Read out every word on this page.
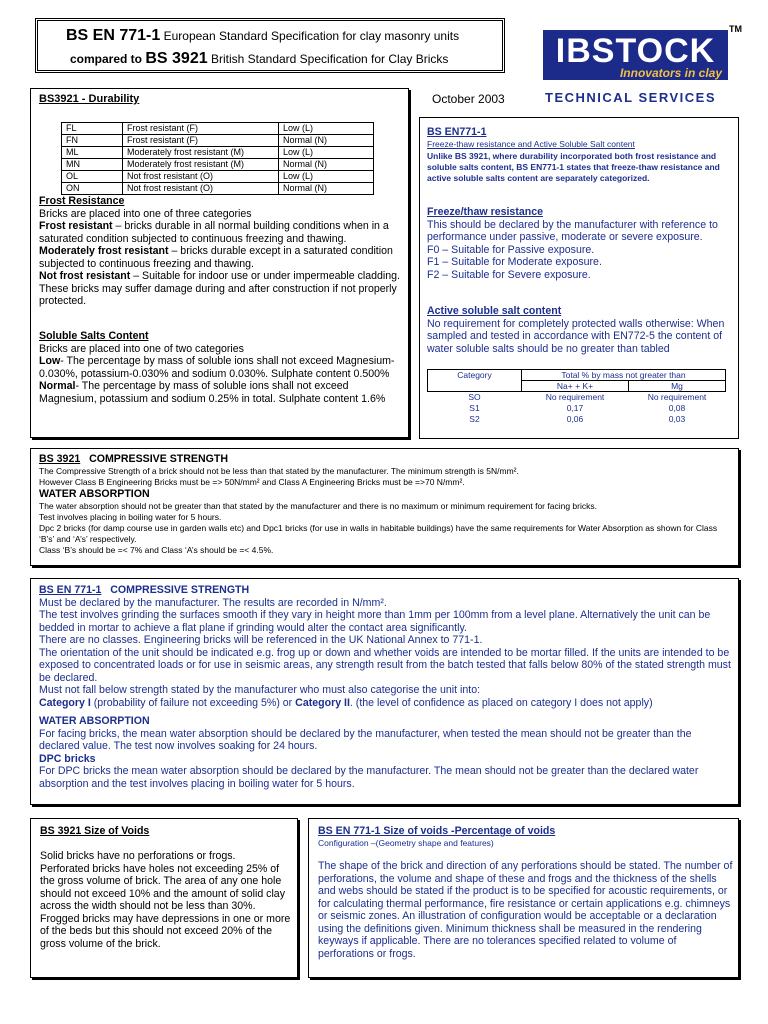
BS EN 771-1 European Standard Specification for clay masonry units
compared to BS 3921 British Standard Specification for Clay Bricks	IBSTOCK
Innovators in clay
TM
TECHNICAL SERVICES
October 2003
BS3921 - Durability
FL	Frost resistant (F)	Low (L)
FN	Frost resistant (F)	Normal (N)
ML	Moderately frost resistant (M)	Low (L)
MN	Moderately frost resistant (M)	Normal (N)
OL	Not frost resistant (O)	Low (L)
ON	Not frost resistant (O)	Normal (N)
Frost Resistance
Bricks are placed into one of three categories
Frost resistant – bricks durable in all normal building conditions when in a saturated condition subjected to continuous freezing and thawing.
Moderately frost resistant – bricks durable except in a saturated condition subjected to continuous freezing and thawing.
Not frost resistant – Suitable for indoor use or under impermeable cladding. These bricks may suffer damage during and after construction if not properly protected.
Soluble Salts Content
Bricks are placed into one of two categories
Low- The percentage by mass of soluble ions shall not exceed Magnesium-0.030%, potassium-0.030% and sodium 0.030%. Sulphate content 0.500%
Normal- The percentage by mass of soluble ions shall not exceed Magnesium, potassium and sodium 0.25% in total. Sulphate content 1.6%
BS EN771-1
Freeze-thaw resistance and Active Soluble Salt content
Unlike BS 3921, where durability incorporated both frost resistance and soluble salts content, BS EN771-1 states that freeze-thaw resistance and active soluble salts content are separately categorized.
Freeze/thaw resistance
This should be declared by the manufacturer with reference to performance under passive, moderate or severe exposure.
F0 – Suitable for Passive exposure.
F1 – Suitable for Moderate exposure.
F2 – Suitable for Severe exposure.
Active soluble salt content
No requirement for completely protected walls otherwise: When sampled and tested in accordance with EN772-5 the content of water soluble salts should be no greater than tabled
Category	Total % by mass not greater than	
	Na+ + K+	Mg
SO	No requirement	No requirement
S1	0,17	0,08
S2	0,06	0,03
BS 3921 COMPRESSIVE STRENGTH
The Compressive Strength of a brick should not be less than that stated by the manufacturer. The minimum strength is 5N/mm².
However Class B Engineering Bricks must be => 50N/mm² and Class A Engineering Bricks must be =>70 N/mm².
WATER ABSORPTION
The water absorption should not be greater than that stated by the manufacturer and there is no maximum or minimum requirement for facing bricks.
Test involves placing in boiling water for 5 hours.
Dpc 2 bricks (for damp course use in garden walls etc) and Dpc1 bricks (for use in walls in habitable buildings) have the same requirements for Water Absorption as shown for Class ‘B’s’ and ‘A’s’ respectively.
Class ‘B’s should be =< 7% and Class ‘A’s should be =< 4.5%.
BS EN 771-1 COMPRESSIVE STRENGTH
Must be declared by the manufacturer. The results are recorded in N/mm².
The test involves grinding the surfaces smooth if they vary in height more than 1mm per 100mm from a level plane. Alternatively the unit can be bedded in mortar to achieve a flat plane if grinding would alter the contact area significantly.
There are no classes. Engineering bricks will be referenced in the UK National Annex to 771-1.
The orientation of the unit should be indicated e.g. frog up or down and whether voids are intended to be mortar filled. If the units are intended to be exposed to concentrated loads or for use in seismic areas, any strength result from the batch tested that falls below 80% of the stated strength must be declared.
Must not fall below strength stated by the manufacturer who must also categorise the unit into:
Category I (probability of failure not exceeding 5%) or Category II. (the level of confidence as placed on category I does not apply)
WATER ABSORPTION
For facing bricks, the mean water absorption should be declared by the manufacturer, when tested the mean should not be greater than the declared value. The test now involves soaking for 24 hours.
DPC bricks
For DPC bricks the mean water absorption should be declared by the manufacturer. The mean should not be greater than the declared water absorption and the test involves placing in boiling water for 5 hours.
BS 3921 Size of Voids
Solid bricks have no perforations or frogs.
Perforated bricks have holes not exceeding 25% of the gross volume of brick. The area of any one hole should not exceed 10% and the amount of solid clay across the width should not be less than 30%.
Frogged bricks may have depressions in one or more of the beds but this should not exceed 20% of the gross volume of the brick.
BS EN 771-1 Size of voids -Percentage of voids
Configuration –(Geometry shape and features)
The shape of the brick and direction of any perforations should be stated. The number of perforations, the volume and shape of these and frogs and the thickness of the shells and webs should be stated if the product is to be specified for acoustic requirements, or for calculating thermal performance, fire resistance or certain applications e.g. chimneys or seismic zones. An illustration of configuration would be acceptable or a declaration using the definitions given. Minimum thickness shall be measured in the rendering keyways if applicable. There are no tolerances specified related to volume of perforations or frogs.
